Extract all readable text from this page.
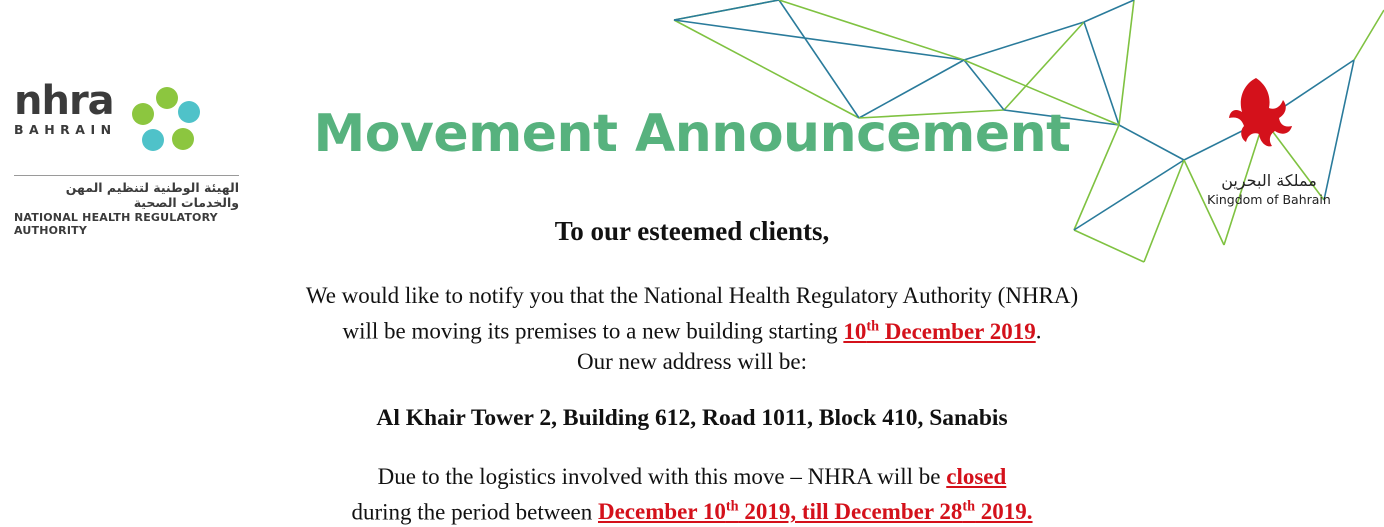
nhra
BAHRAIN
الهيئة الوطنية لتنظيم المهن والخدمات الصحية
NATIONAL HEALTH REGULATORY AUTHORITY
مملكة البحرين
Kingdom of Bahrain
Movement Announcement
To our esteemed clients,
We would like to notify you that the National Health Regulatory Authority (NHRA)
will be moving its premises to a new building starting 10th December 2019.
Our new address will be:
Al Khair Tower 2, Building 612, Road 1011, Block 410, Sanabis
Due to the logistics involved with this move – NHRA will be closed
during the period between December 10th 2019, till December 28th 2019.
